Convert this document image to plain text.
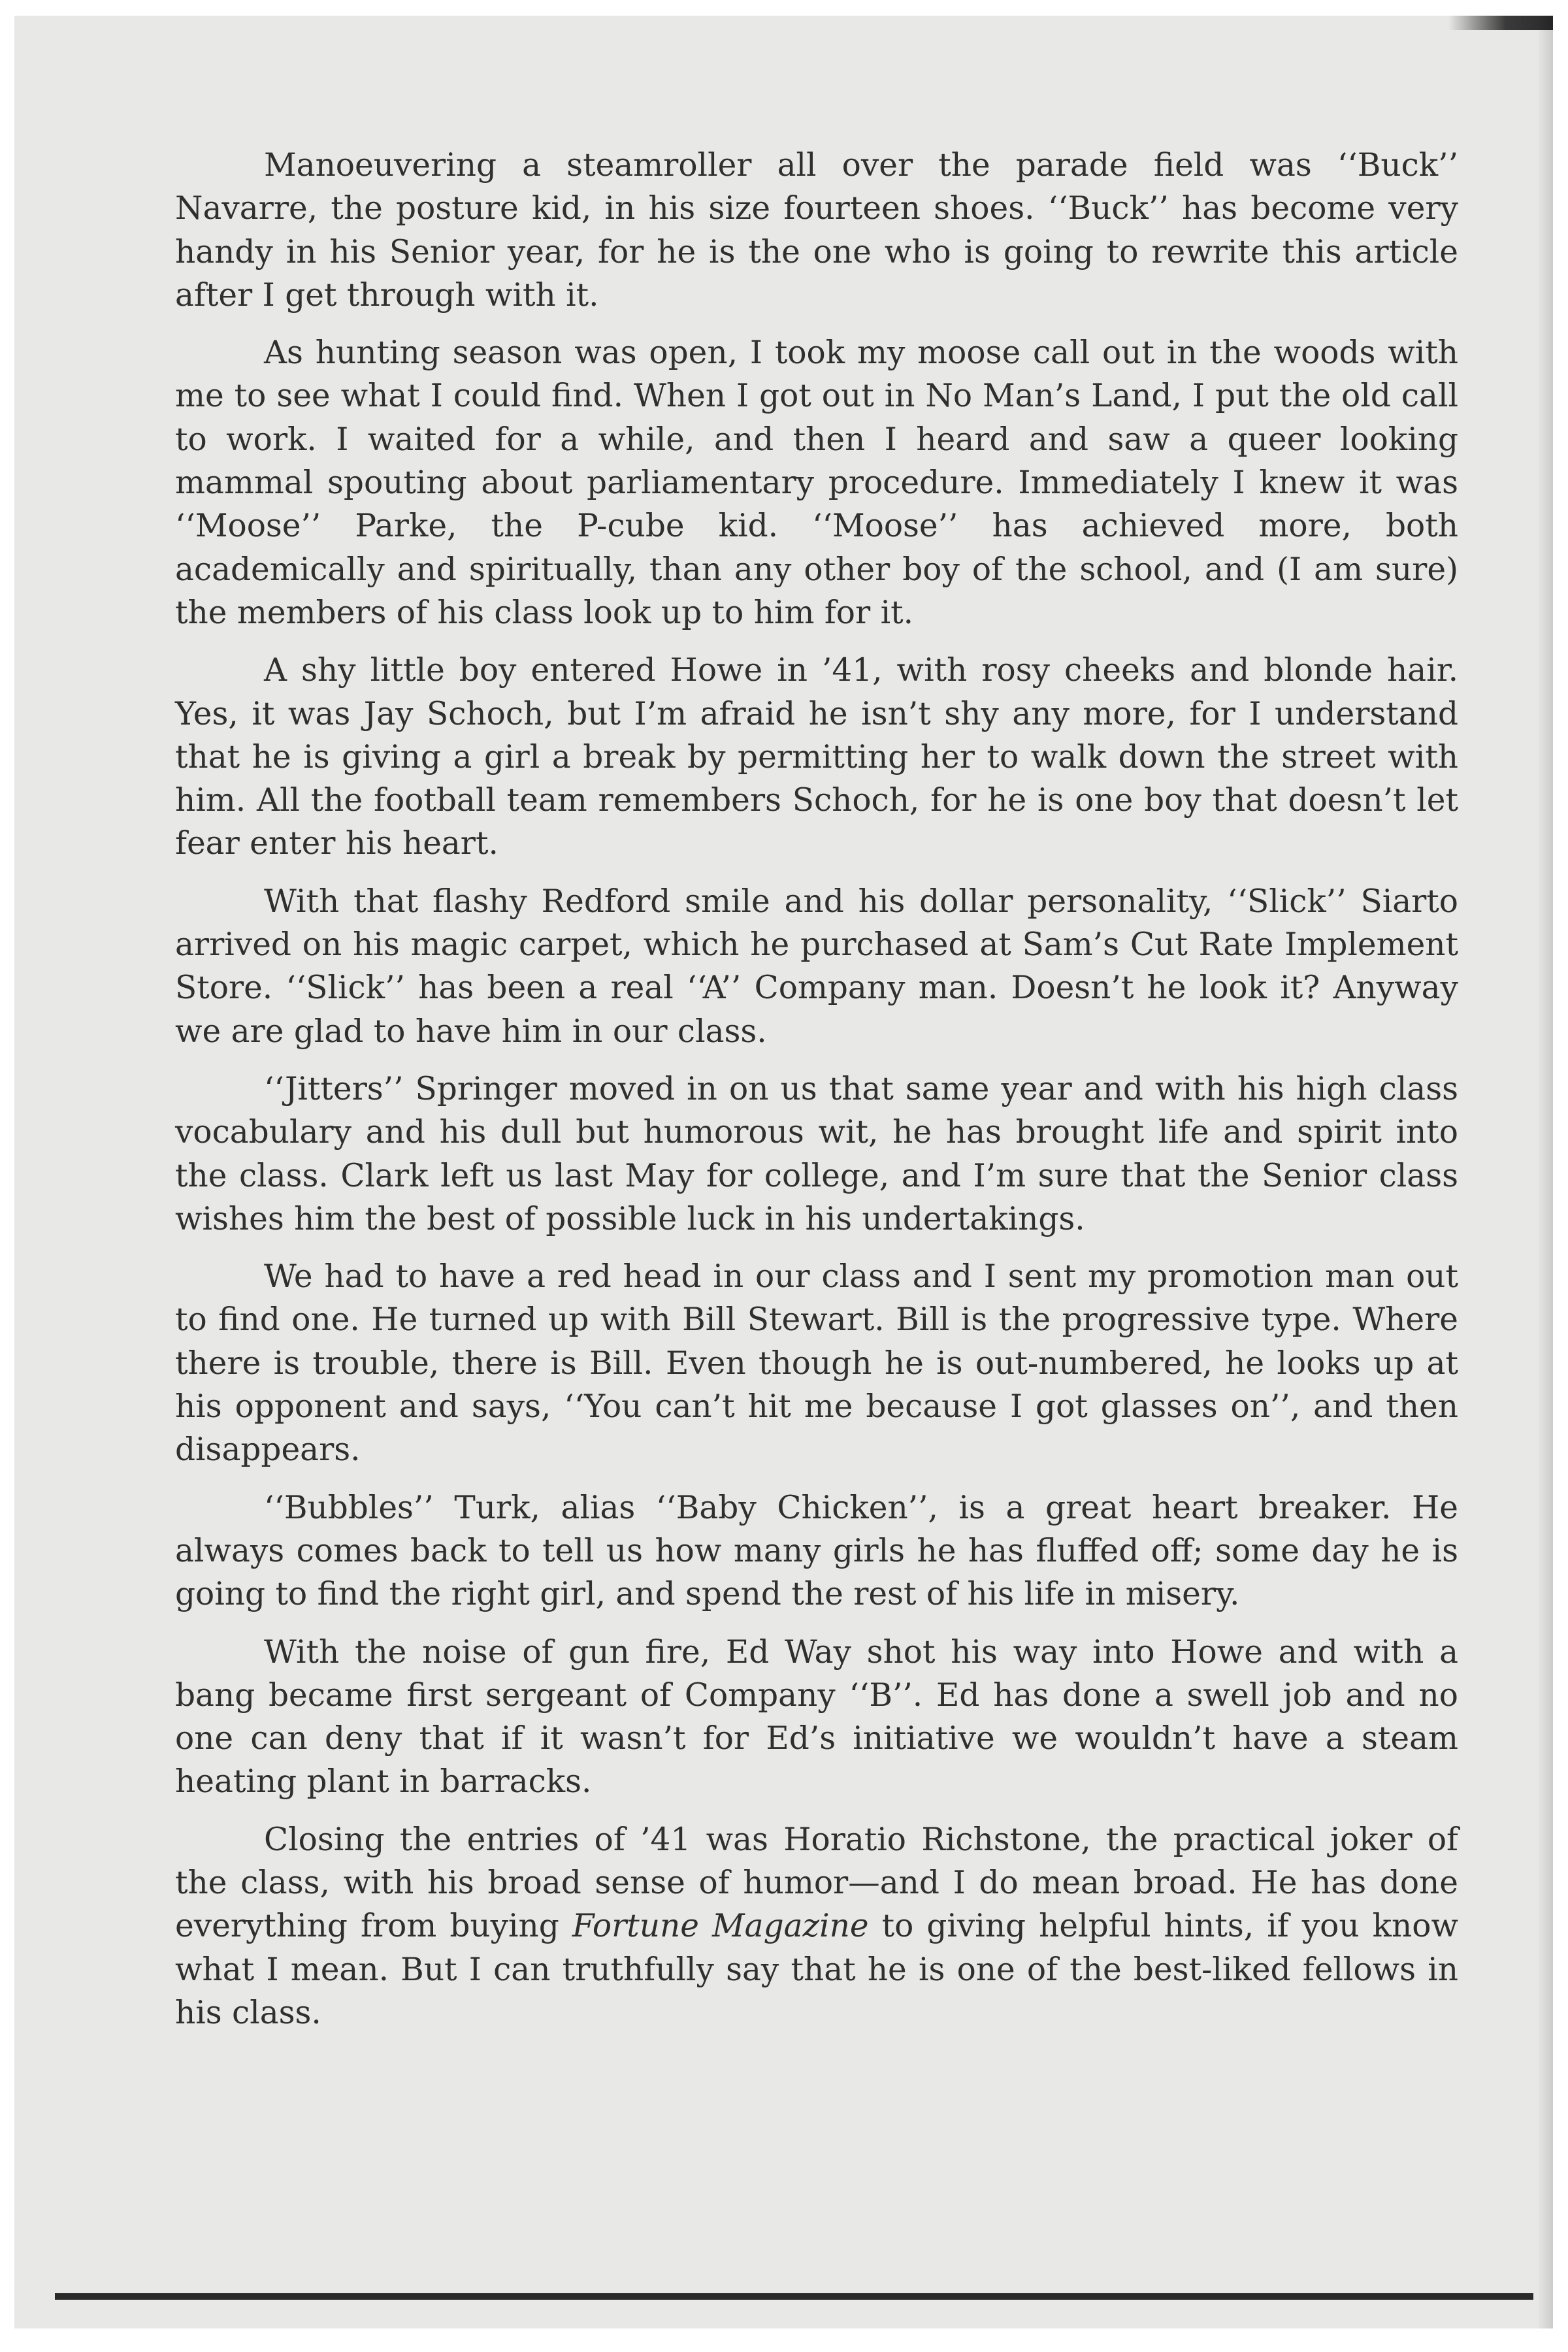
Manoeuvering a steamroller all over the parade field was ‘‘Buck’’ Navarre, the posture kid, in his size fourteen shoes. ‘‘Buck’’ has become very handy in his Senior year, for he is the one who is going to rewrite this article after I get through with it.

As hunting season was open, I took my moose call out in the woods with me to see what I could find. When I got out in No Man’s Land, I put the old call to work. I waited for a while, and then I heard and saw a queer looking mammal spouting about parliamentary procedure. Immediately I knew it was ‘‘Moose’’ Parke, the P-cube kid. ‘‘Moose’’ has achieved more, both academically and spiritually, than any other boy of the school, and (I am sure) the members of his class look up to him for it.

A shy little boy entered Howe in ’41, with rosy cheeks and blonde hair. Yes, it was Jay Schoch, but I’m afraid he isn’t shy any more, for I understand that he is giving a girl a break by permitting her to walk down the street with him. All the football team remembers Schoch, for he is one boy that doesn’t let fear enter his heart.

With that flashy Redford smile and his dollar personality, ‘‘Slick’’ Siarto arrived on his magic carpet, which he purchased at Sam’s Cut Rate Implement Store. ‘‘Slick’’ has been a real ‘‘A’’ Company man. Doesn’t he look it? Anyway we are glad to have him in our class.

‘‘Jitters’’ Springer moved in on us that same year and with his high class vocabulary and his dull but humorous wit, he has brought life and spirit into the class. Clark left us last May for college, and I’m sure that the Senior class wishes him the best of possible luck in his undertakings.

We had to have a red head in our class and I sent my promotion man out to find one. He turned up with Bill Stewart. Bill is the progressive type. Where there is trouble, there is Bill. Even though he is out-numbered, he looks up at his opponent and says, ‘‘You can’t hit me because I got glasses on’’, and then disappears.

‘‘Bubbles’’ Turk, alias ‘‘Baby Chicken’’, is a great heart breaker. He always comes back to tell us how many girls he has fluffed off; some day he is going to find the right girl, and spend the rest of his life in misery.

With the noise of gun fire, Ed Way shot his way into Howe and with a bang became first sergeant of Company ‘‘B’’. Ed has done a swell job and no one can deny that if it wasn’t for Ed’s initiative we wouldn’t have a steam heating plant in barracks.

Closing the entries of ’41 was Horatio Richstone, the practical joker of the class, with his broad sense of humor—and I do mean broad. He has done everything from buying Fortune Magazine to giving helpful hints, if you know what I mean. But I can truthfully say that he is one of the best-liked fellows in his class.
